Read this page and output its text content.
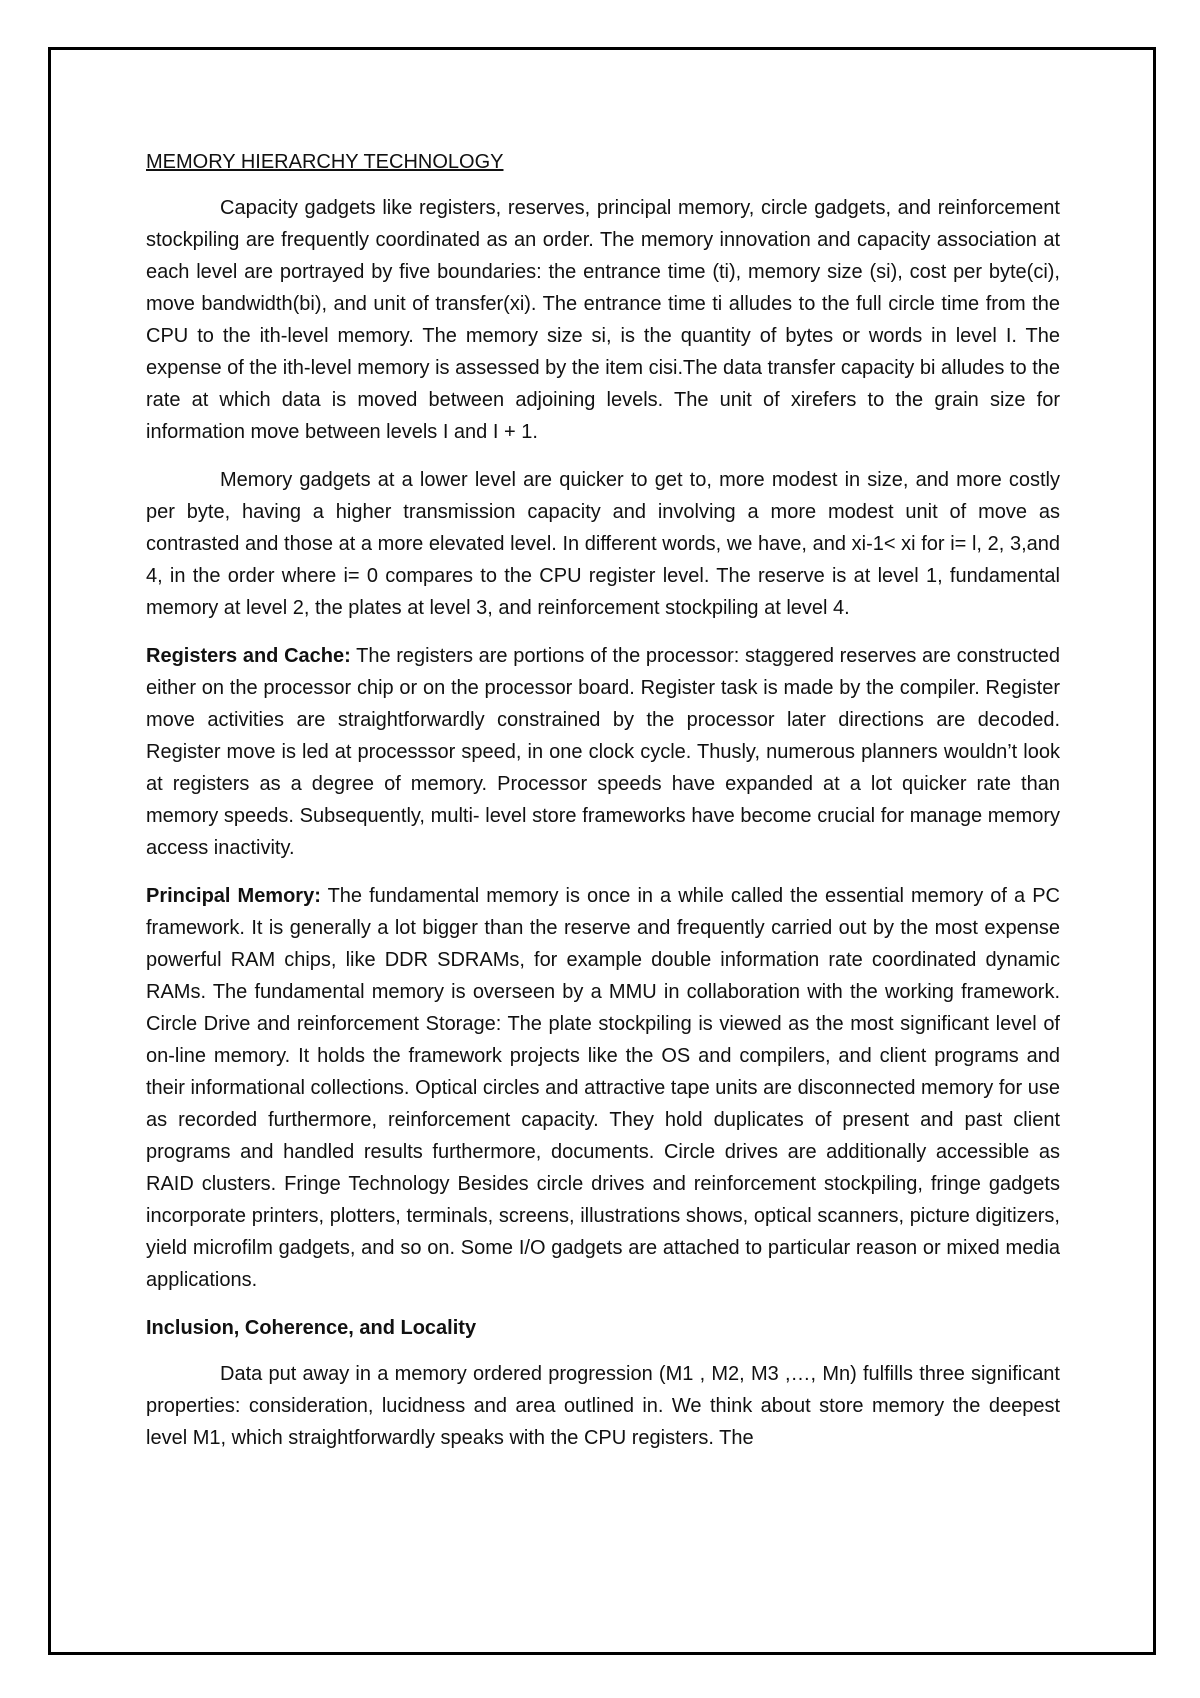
MEMORY HIERARCHY TECHNOLOGY

Capacity gadgets like registers, reserves, principal memory, circle gadgets, and reinforcement stockpiling are frequently coordinated as an order. The memory innovation and capacity association at each level are portrayed by five boundaries: the entrance time (ti), memory size (si), cost per byte(ci), move bandwidth(bi), and unit of transfer(xi). The entrance time ti alludes to the full circle time from the CPU to the ith-level memory. The memory size si, is the quantity of bytes or words in level I. The expense of the ith-level memory is assessed by the item cisi.The data transfer capacity bi alludes to the rate at which data is moved between adjoining levels. The unit of xirefers to the grain size for information move between levels I and I + 1.

Memory gadgets at a lower level are quicker to get to, more modest in size, and more costly per byte, having a higher transmission capacity and involving a more modest unit of move as contrasted and those at a more elevated level. In different words, we have, and xi-1< xi for i= l, 2, 3,and 4, in the order where i= 0 compares to the CPU register level. The reserve is at level 1, fundamental memory at level 2, the plates at level 3, and reinforcement stockpiling at level 4.

Registers and Cache: The registers are portions of the processor: staggered reserves are constructed either on the processor chip or on the processor board. Register task is made by the compiler. Register move activities are straightforwardly constrained by the processor later directions are decoded. Register move is led at processsor speed, in one clock cycle. Thusly, numerous planners wouldn’t look at registers as a degree of memory. Processor speeds have expanded at a lot quicker rate than memory speeds. Subsequently, multi- level store frameworks have become crucial for manage memory access inactivity.

Principal Memory: The fundamental memory is once in a while called the essential memory of a PC framework. It is generally a lot bigger than the reserve and frequently carried out by the most expense powerful RAM chips, like DDR SDRAMs, for example double information rate coordinated dynamic RAMs. The fundamental memory is overseen by a MMU in collaboration with the working framework. Circle Drive and reinforcement Storage: The plate stockpiling is viewed as the most significant level of on-line memory. It holds the framework projects like the OS and compilers, and client programs and their informational collections. Optical circles and attractive tape units are disconnected memory for use as recorded furthermore, reinforcement capacity. They hold duplicates of present and past client programs and handled results furthermore, documents. Circle drives are additionally accessible as RAID clusters. Fringe Technology Besides circle drives and reinforcement stockpiling, fringe gadgets incorporate printers, plotters, terminals, screens, illustrations shows, optical scanners, picture digitizers, yield microfilm gadgets, and so on. Some I/O gadgets are attached to particular reason or mixed media applications.

Inclusion, Coherence, and Locality

Data put away in a memory ordered progression (M1 , M2, M3 ,…, Mn) fulfills three significant properties: consideration, lucidness and area outlined in. We think about store memory the deepest level M1, which straightforwardly speaks with the CPU registers. The
